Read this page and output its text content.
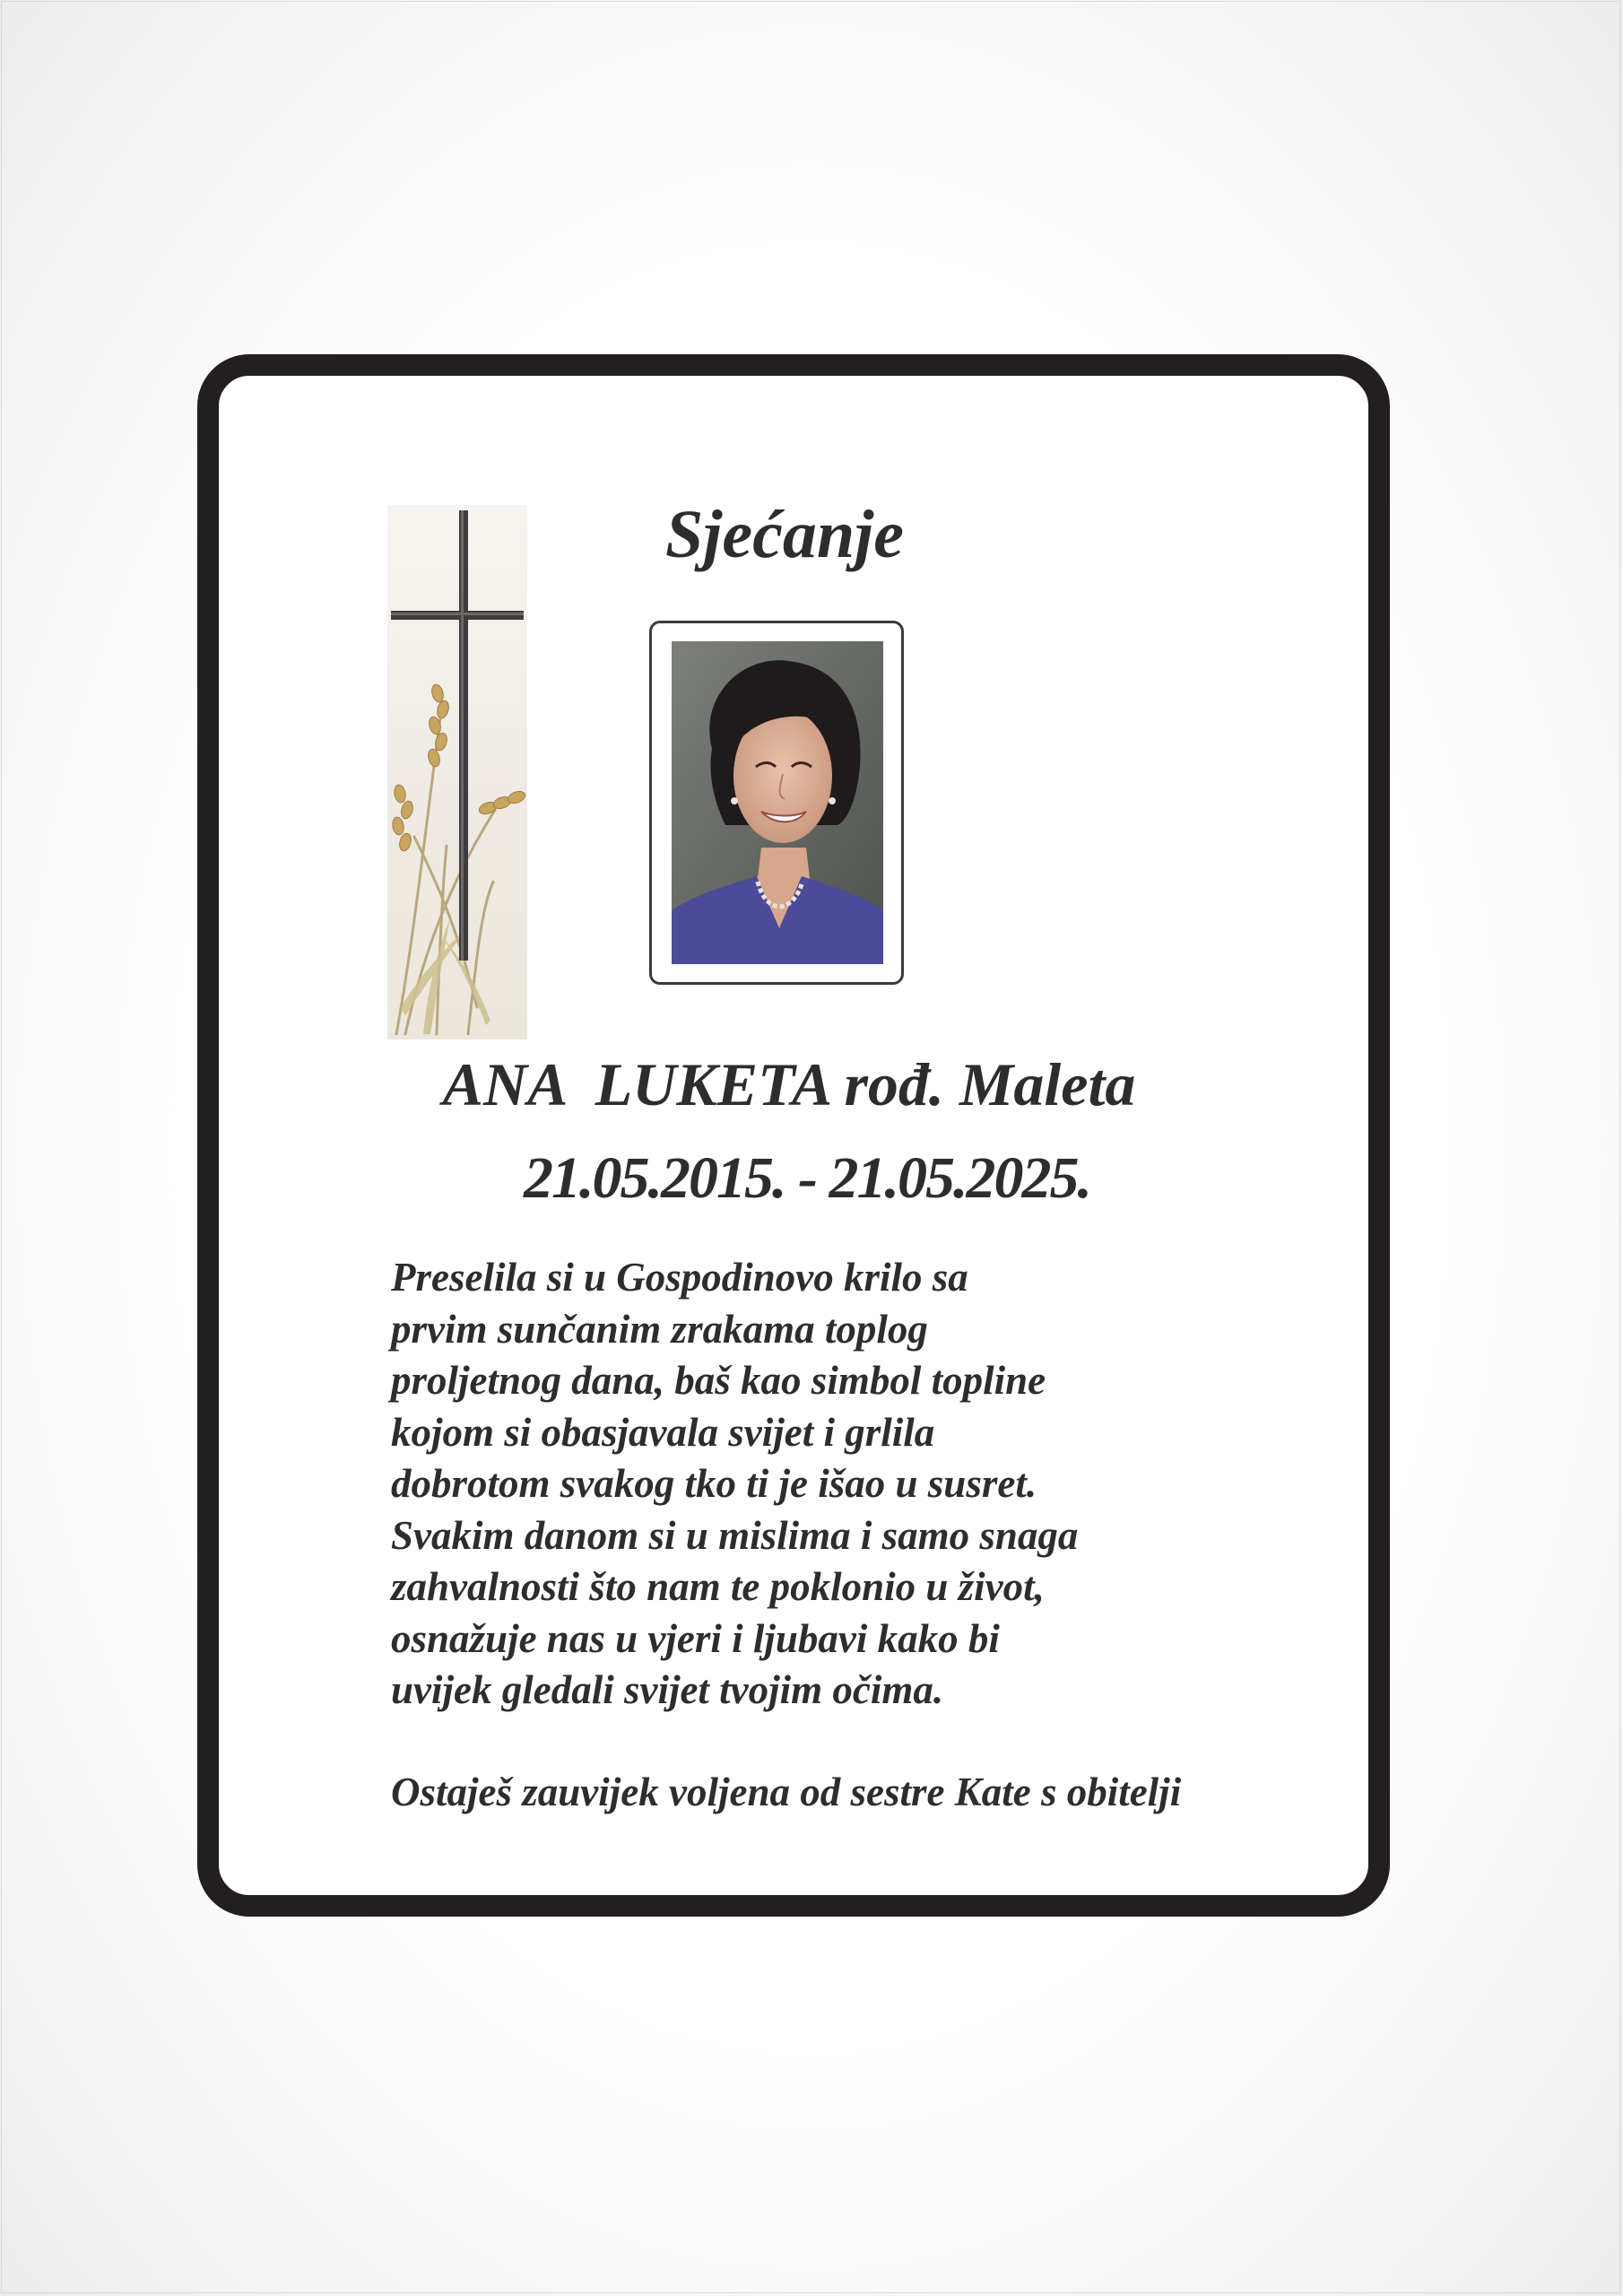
Sjećanje
ANA  LUKETA rođ. Maleta
21.05.2015. - 21.05.2025.
Preselila si u Gospodinovo krilo sa
prvim sunčanim zrakama toplog
proljetnog dana, baš kao simbol topline
kojom si obasjavala svijet i grlila
dobrotom svakog tko ti je išao u susret.
Svakim danom si u mislima i samo snaga
zahvalnosti što nam te poklonio u život,
osnažuje nas u vjeri i ljubavi kako bi
uvijek gledali svijet tvojim očima.
Ostaješ zauvijek voljena od sestre Kate s obitelji
